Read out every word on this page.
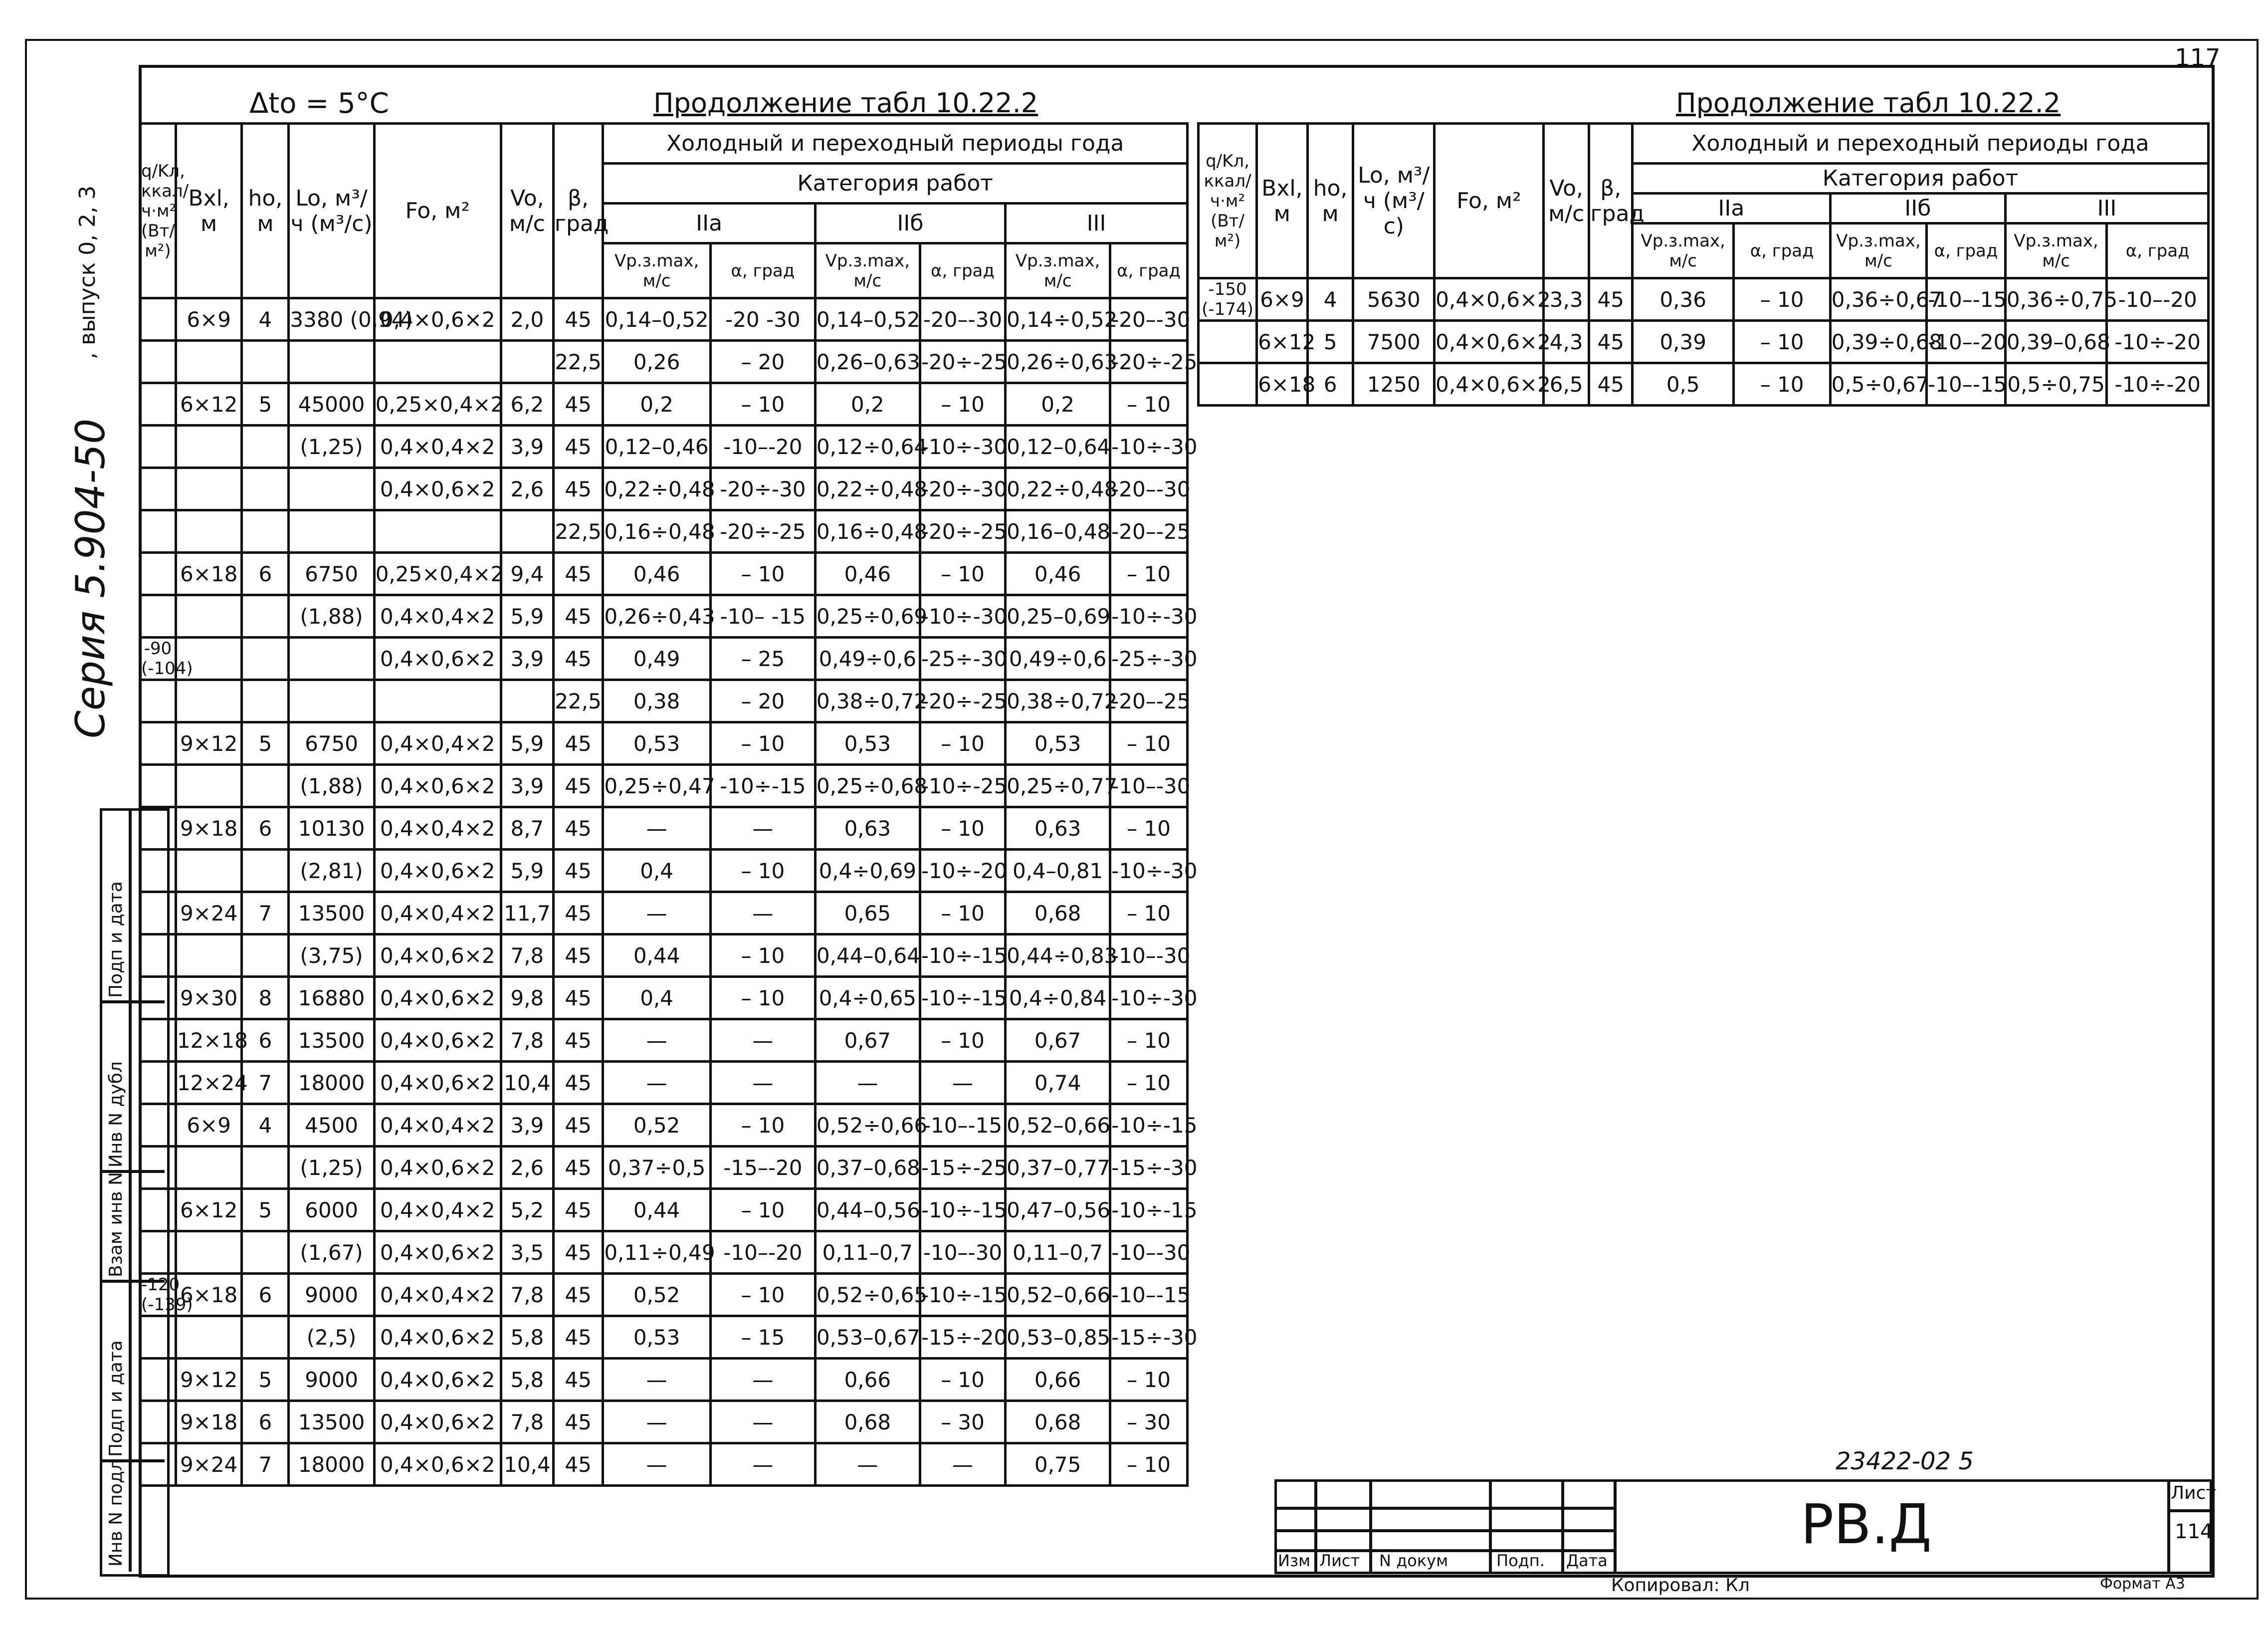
117
Серия 5.904-50
, выпуск 0, 2, 3
Подп и дата
Инв N дубл
Взам инв N
Подп и дата
Инв N подл
Δto = 5°C	Продолжение табл 10.22.2
q/Kл, ккал/ч·м² (Вт/м²)	Bxl, м	ho, м	Lo, м³/ч (м³/с)	Fo, м²	Vo, м/с	β, град	Холодный и переходный периоды года					
							Категория работ					
							IIа		IIб		III	
							Vр.з.max, м/с	α, град	Vр.з.max, м/с	α, град	Vр.з.max, м/с	α, град
	6×9	4	3380 (0,94)	0,4×0,6×2	2,0	45	0,14–0,52	-20 -30	0,14–0,52	-20–-30	0,14÷0,52	-20–-30
						22,5	0,26	– 20	0,26–0,63	-20÷-25	0,26÷0,63	-20÷-25
	6×12	5	45000	0,25×0,4×2	6,2	45	0,2	– 10	0,2	– 10	0,2	– 10
			(1,25)	0,4×0,4×2	3,9	45	0,12–0,46	-10–-20	0,12÷0,64	-10÷-30	0,12–0,64	-10÷-30
				0,4×0,6×2	2,6	45	0,22÷0,48	-20÷-30	0,22÷0,48	-20÷-30	0,22÷0,48	-20–-30
						22,5	0,16÷0,48	-20÷-25	0,16÷0,48	-20÷-25	0,16–0,48	-20–-25
	6×18	6	6750	0,25×0,4×2	9,4	45	0,46	– 10	0,46	– 10	0,46	– 10
			(1,88)	0,4×0,4×2	5,9	45	0,26÷0,43	-10– -15	0,25÷0,69	-10÷-30	0,25–0,69	-10÷-30
-90 (-104)				0,4×0,6×2	3,9	45	0,49	– 25	0,49÷0,6	-25÷-30	0,49÷0,6	-25÷-30
						22,5	0,38	– 20	0,38÷0,72	-20÷-25	0,38÷0,72	-20–-25
	9×12	5	6750	0,4×0,4×2	5,9	45	0,53	– 10	0,53	– 10	0,53	– 10
			(1,88)	0,4×0,6×2	3,9	45	0,25÷0,47	-10÷-15	0,25÷0,68	-10÷-25	0,25÷0,77	-10–-30
	9×18	6	10130	0,4×0,4×2	8,7	45	—	—	0,63	– 10	0,63	– 10
			(2,81)	0,4×0,6×2	5,9	45	0,4	– 10	0,4÷0,69	-10÷-20	0,4–0,81	-10÷-30
	9×24	7	13500	0,4×0,4×2	11,7	45	—	—	0,65	– 10	0,68	– 10
			(3,75)	0,4×0,6×2	7,8	45	0,44	– 10	0,44–0,64	-10÷-15	0,44÷0,83	-10–-30
	9×30	8	16880	0,4×0,6×2	9,8	45	0,4	– 10	0,4÷0,65	-10÷-15	0,4÷0,84	-10÷-30
	12×18	6	13500	0,4×0,6×2	7,8	45	—	—	0,67	– 10	0,67	– 10
	12×24	7	18000	0,4×0,6×2	10,4	45	—	—	—	—	0,74	– 10
	6×9	4	4500	0,4×0,4×2	3,9	45	0,52	– 10	0,52÷0,66	-10–-15	0,52–0,66	-10÷-15
			(1,25)	0,4×0,6×2	2,6	45	0,37÷0,5	-15–-20	0,37–0,68	-15÷-25	0,37–0,77	-15÷-30
	6×12	5	6000	0,4×0,4×2	5,2	45	0,44	– 10	0,44–0,56	-10÷-15	0,47–0,56	-10÷-15
			(1,67)	0,4×0,6×2	3,5	45	0,11÷0,49	-10–-20	0,11–0,7	-10–-30	0,11–0,7	-10–-30
-120 (-139)	6×18	6	9000	0,4×0,4×2	7,8	45	0,52	– 10	0,52÷0,65	-10÷-15	0,52–0,66	-10–-15
			(2,5)	0,4×0,6×2	5,8	45	0,53	– 15	0,53–0,67	-15÷-20	0,53–0,85	-15÷-30
	9×12	5	9000	0,4×0,6×2	5,8	45	—	—	0,66	– 10	0,66	– 10
	9×18	6	13500	0,4×0,6×2	7,8	45	—	—	0,68	– 30	0,68	– 30
	9×24	7	18000	0,4×0,6×2	10,4	45	—	—	—	—	0,75	– 10
Продолжение табл 10.22.2
q/Kл, ккал/ч·м² (Вт/м²)	Bxl, м	ho, м	Lo, м³/ч (м³/с)	Fo, м²	Vo, м/с	β, град	Холодный и переходный периоды года					
							Категория работ					
							IIа		IIб		III	
							Vр.з.max, м/с	α, град	Vр.з.max, м/с	α, град	Vр.з.max, м/с	α, град
-150 (-174)	6×9	4	5630	0,4×0,6×2	3,3	45	0,36	– 10	0,36÷0,67	-10–-15	0,36÷0,75	-10–-20
	6×12	5	7500	0,4×0,6×2	4,3	45	0,39	– 10	0,39÷0,68	-10–-20	0,39–0,68	-10÷-20
	6×18	6	1250	0,4×0,6×2	6,5	45	0,5	– 10	0,5÷0,67	-10–-15	0,5÷0,75	-10÷-20
23422-02 5
Лист
114
РВ.Д
Изм Лист N докум	Подп. Дата
Копировал: Кл	Формат А3
